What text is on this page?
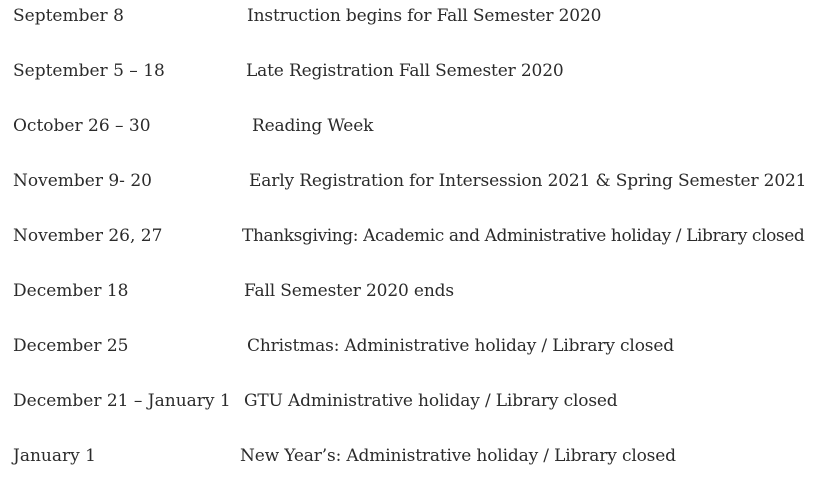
September 8	Instruction begins for Fall Semester 2020
September 5 – 18	Late Registration Fall Semester 2020
October 26 – 30	Reading Week
November 9- 20	Early Registration for Intersession 2021 & Spring Semester 2021
November 26, 27	Thanksgiving: Academic and Administrative holiday / Library closed
December 18	Fall Semester 2020 ends
December 25	Christmas: Administrative holiday / Library closed
December 21 – January 1 GTU Administrative holiday / Library closed
January 1	New Year’s: Administrative holiday / Library closed
